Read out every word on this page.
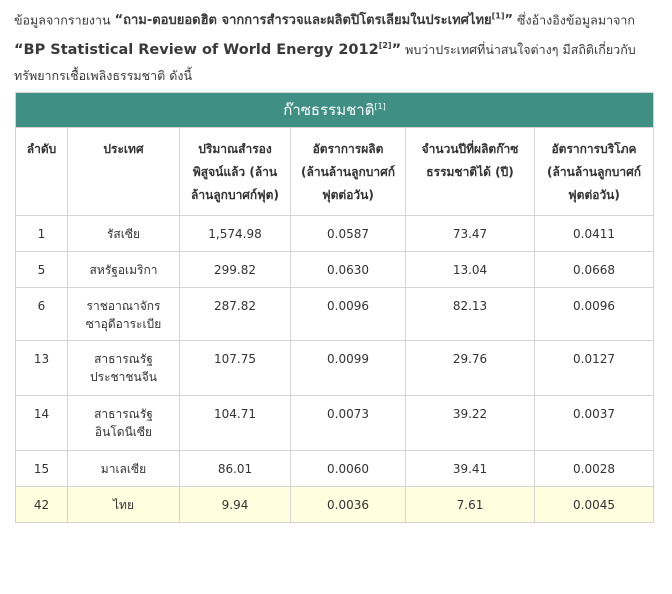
ข้อมูลจากรายงาน “ถาม-ตอบยอดฮิต จากการสำรวจและผลิตปิโตรเลียมในประเทศไทย[1]” ซึ่งอ้างอิงข้อมูลมาจาก “BP Statistical Review of World Energy 2012[2]” พบว่าประเทศที่น่าสนใจต่างๆ มีสถิติเกี่ยวกับทรัพยากรเชื้อเพลิงธรรมชาติ ดังนี้
ก๊าซธรรมชาติ[1]
ลำดับ	ประเทศ	ปริมาณสำรองพิสูจน์แล้ว (ล้านล้านลูกบาศก์ฟุต)	อัตราการผลิต (ล้านล้านลูกบาศก์ฟุตต่อวัน)	จำนวนปีที่ผลิตก๊าซธรรมชาติได้ (ปี)	อัตราการบริโภค (ล้านล้านลูกบาศก์ฟุตต่อวัน)
1	รัสเซีย	1,574.98	0.0587	73.47	0.0411
5	สหรัฐอเมริกา	299.82	0.0630	13.04	0.0668
6	ราชอาณาจักรซาอุดีอาระเบีย	287.82	0.0096	82.13	0.0096
13	สาธารณรัฐประชาชนจีน	107.75	0.0099	29.76	0.0127
14	สาธารณรัฐอินโดนีเซีย	104.71	0.0073	39.22	0.0037
15	มาเลเซีย	86.01	0.0060	39.41	0.0028
42	ไทย	9.94	0.0036	7.61	0.0045
